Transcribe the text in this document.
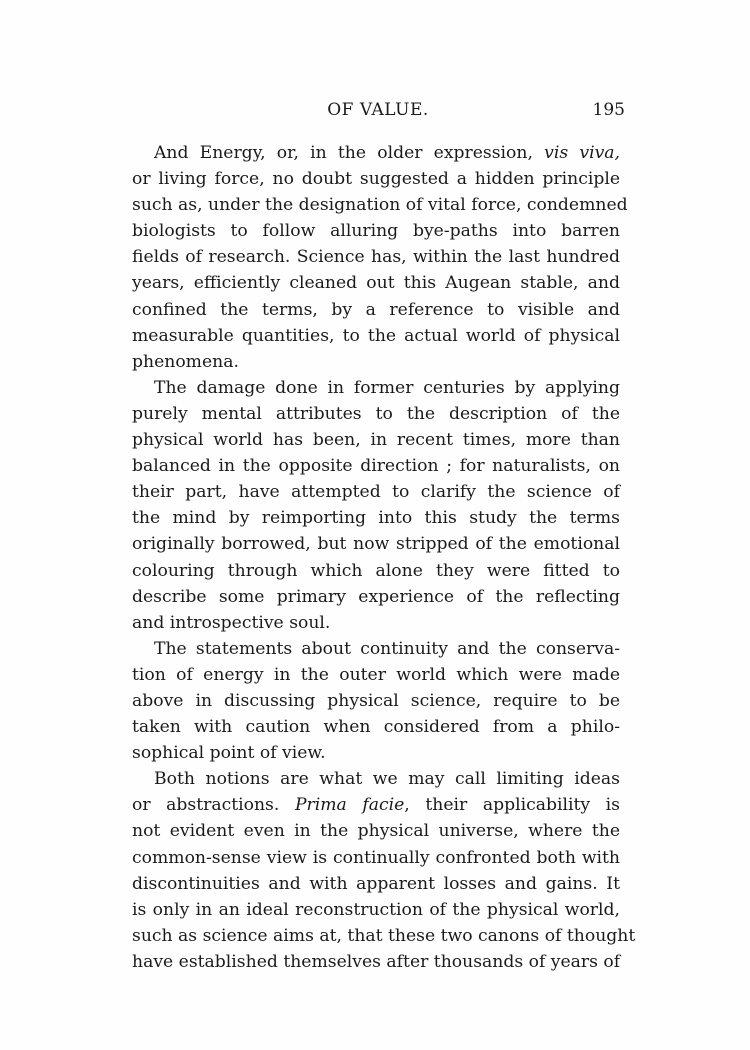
OF VALUE.	195
And Energy, or, in the older expression, vis viva,
or living force, no doubt suggested a hidden principle
such as, under the designation of vital force, condemned
biologists to follow alluring bye-paths into barren
fields of research. Science has, within the last hundred
years, efficiently cleaned out this Augean stable, and
confined the terms, by a reference to visible and
measurable quantities, to the actual world of physical
phenomena.
The damage done in former centuries by applying
purely mental attributes to the description of the
physical world has been, in recent times, more than
balanced in the opposite direction ; for naturalists, on
their part, have attempted to clarify the science of
the mind by reimporting into this study the terms
originally borrowed, but now stripped of the emotional
colouring through which alone they were fitted to
describe some primary experience of the reflecting
and introspective soul.
The statements about continuity and the conserva-
tion of energy in the outer world which were made
above in discussing physical science, require to be
taken with caution when considered from a philo-
sophical point of view.
Both notions are what we may call limiting ideas
or abstractions. Prima facie, their applicability is
not evident even in the physical universe, where the
common-sense view is continually confronted both with
discontinuities and with apparent losses and gains. It
is only in an ideal reconstruction of the physical world,
such as science aims at, that these two canons of thought
have established themselves after thousands of years of
